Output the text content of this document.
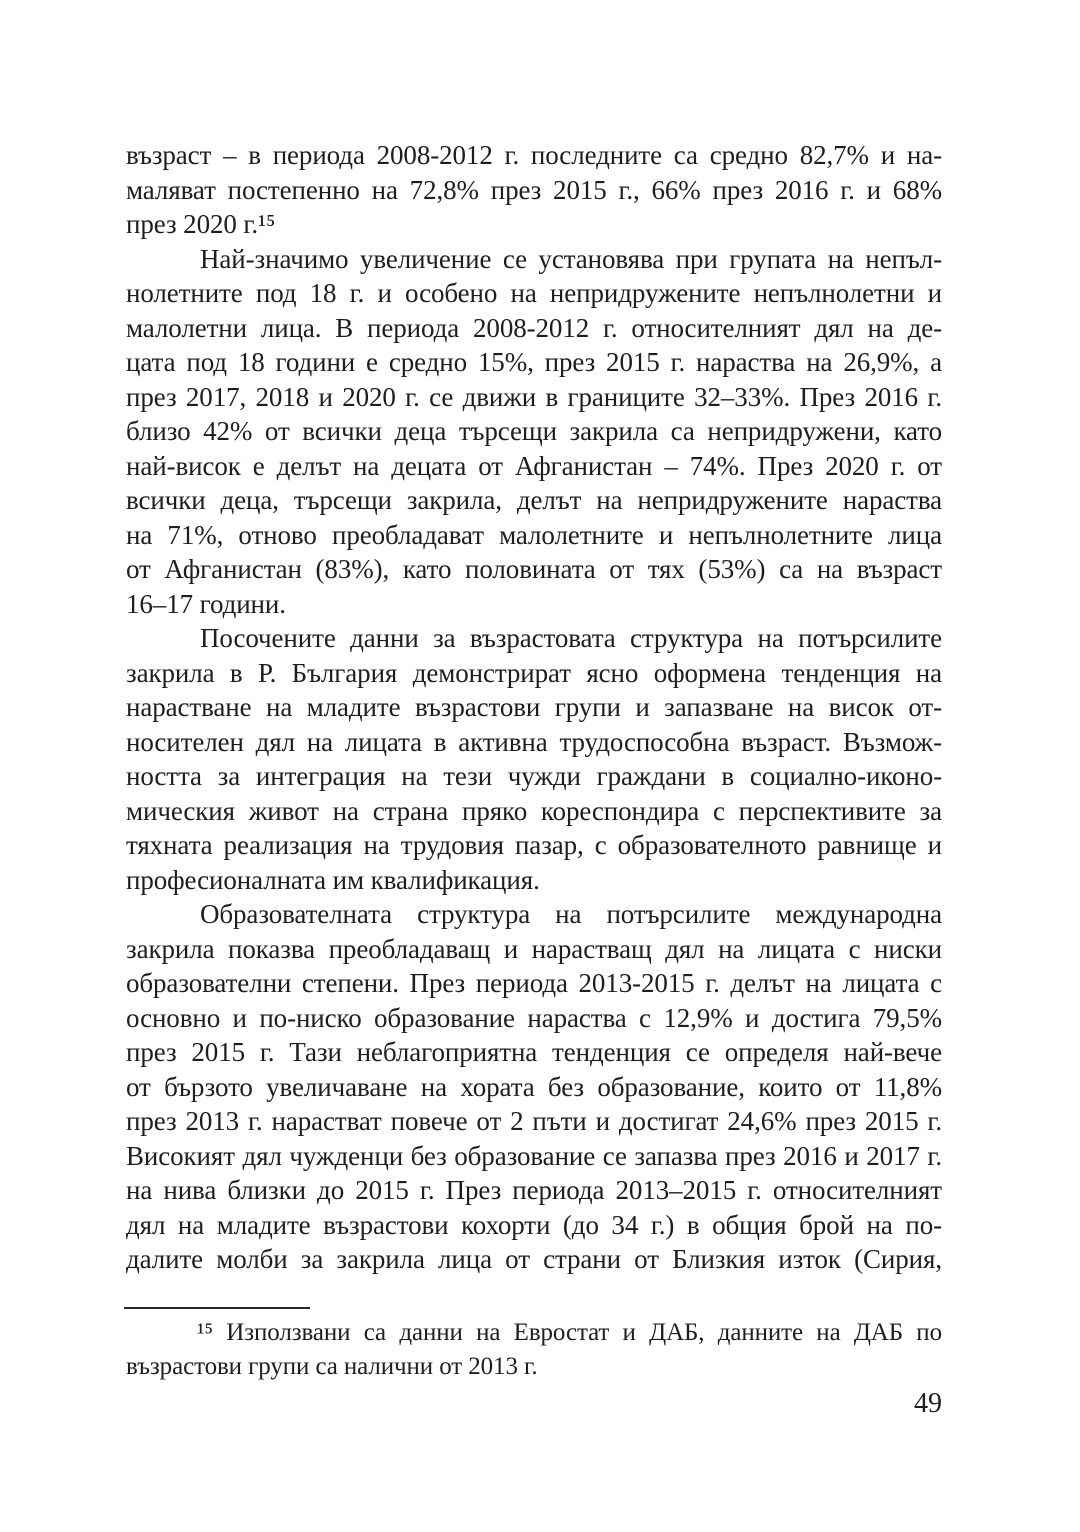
възраст – в периода 2008-2012 г. последните са средно 82,7% и на-
маляват постепенно на 72,8% през 2015 г., 66% през 2016 г. и 68%
през 2020 г.¹⁵
Най-значимо увеличение се установява при групата на непъл-
нолетните под 18 г. и особено на непридружените непълнолетни и
малолетни лица. В периода 2008-2012 г. относителният дял на де-
цата под 18 години е средно 15%, през 2015 г. нараства на 26,9%, а
през 2017, 2018 и 2020 г. се движи в границите 32–33%. През 2016 г.
близо 42% от всички деца търсещи закрила са непридружени, като
най-висок е делът на децата от Афганистан – 74%. През 2020 г. от
всички деца, търсещи закрила, делът на непридружените нараства
на 71%, отново преобладават малолетните и непълнолетните лица
от Афганистан (83%), като половината от тях (53%) са на възраст
16–17 години.
Посочените данни за възрастовата структура на потърсилите
закрила в Р. България демонстрират ясно оформена тенденция на
нарастване на младите възрастови групи и запазване на висок от-
носителен дял на лицата в активна трудоспособна възраст. Възмож-
ността за интеграция на тези чужди граждани в социално-иконо-
мическия живот на страна пряко кореспондира с перспективите за
тяхната реализация на трудовия пазар, с образователното равнище и
професионалната им квалификация.
Образователната структура на потърсилите международна
закрила показва преобладаващ и нарастващ дял на лицата с ниски
образователни степени. През периода 2013-2015 г. делът на лицата с
основно и по-ниско образование нараства с 12,9% и достига 79,5%
през 2015 г. Тази неблагоприятна тенденция се определя най-вече
от бързото увеличаване на хората без образование, които от 11,8%
през 2013 г. нарастват повече от 2 пъти и достигат 24,6% през 2015 г.
Високият дял чужденци без образование се запазва през 2016 и 2017 г.
на нива близки до 2015 г. През периода 2013–2015 г. относителният
дял на младите възрастови кохорти (до 34 г.) в общия брой на по-
далите молби за закрила лица от страни от Близкия изток (Сирия,
¹⁵ Използвани са данни на Евростат и ДАБ, данните на ДАБ по
възрастови групи са налични от 2013 г.
49
